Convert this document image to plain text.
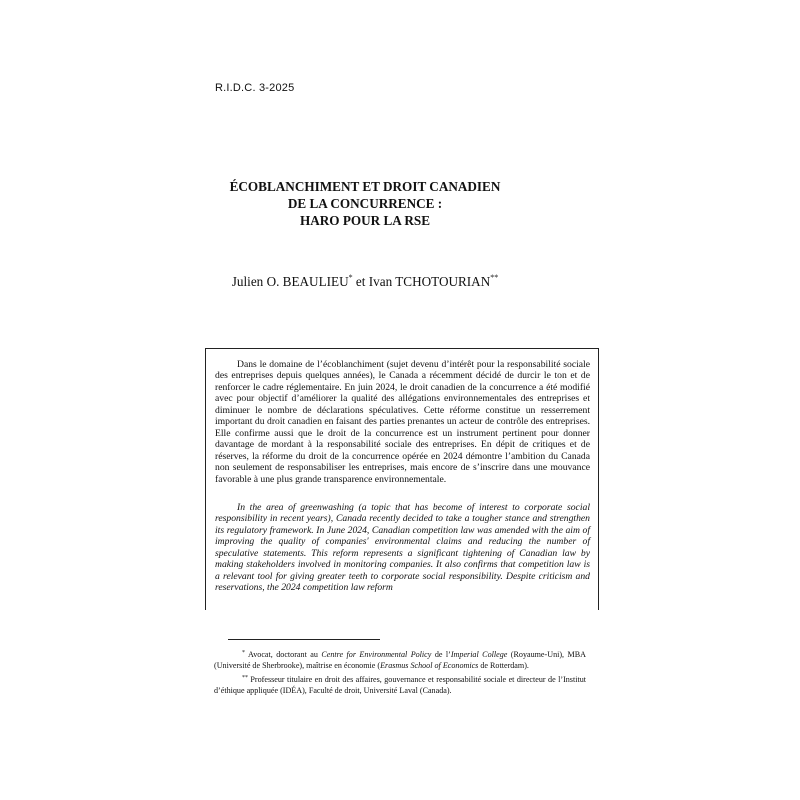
R.I.D.C. 3-2025
ÉCOBLANCHIMENT ET DROIT CANADIEN
DE LA CONCURRENCE :
HARO POUR LA RSE
Julien O. BEAULIEU* et Ivan TCHOTOURIAN**

Dans le domaine de l’écoblanchiment (sujet devenu d’intérêt pour la responsabilité sociale des entreprises depuis quelques années), le Canada a récemment décidé de durcir le ton et de renforcer le cadre réglementaire. En juin 2024, le droit canadien de la concurrence a été modifié avec pour objectif d’améliorer la qualité des allégations environnementales des entreprises et diminuer le nombre de déclarations spéculatives. Cette réforme constitue un resserrement important du droit canadien en faisant des parties prenantes un acteur de contrôle des entreprises. Elle confirme aussi que le droit de la concurrence est un instrument pertinent pour donner davantage de mordant à la responsabilité sociale des entreprises. En dépit de critiques et de réserves, la réforme du droit de la concurrence opérée en 2024 démontre l’ambition du Canada non seulement de responsabiliser les entreprises, mais encore de s’inscrire dans une mouvance favorable à une plus grande transparence environnementale.

In the area of greenwashing (a topic that has become of interest to corporate social responsibility in recent years), Canada recently decided to take a tougher stance and strengthen its regulatory framework. In June 2024, Canadian competition law was amended with the aim of improving the quality of companies' environmental claims and reducing the number of speculative statements. This reform represents a significant tightening of Canadian law by making stakeholders involved in monitoring companies. It also confirms that competition law is a relevant tool for giving greater teeth to corporate social responsibility. Despite criticism and reservations, the 2024 competition law reform

* Avocat, doctorant au Centre for Environmental Policy de l’Imperial College (Royaume-Uni), MBA (Université de Sherbrooke), maîtrise en économie (Erasmus School of Economics de Rotterdam).

** Professeur titulaire en droit des affaires, gouvernance et responsabilité sociale et directeur de l’Institut d’éthique appliquée (IDÉA), Faculté de droit, Université Laval (Canada).
